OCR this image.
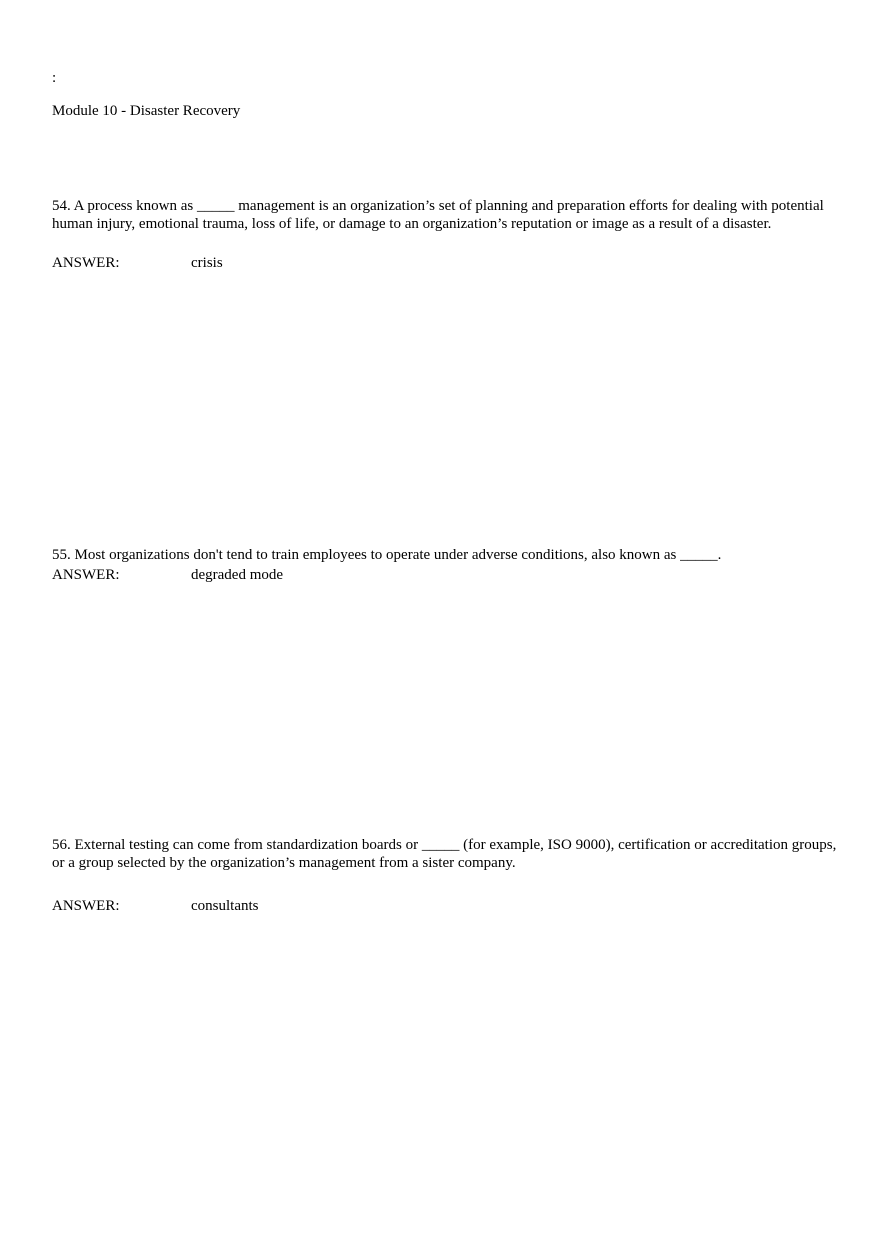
:
Module 10 - Disaster Recovery

54. A process known as _____ management is an organization’s set of planning and preparation efforts for dealing with potential human injury, emotional trauma, loss of life, or damage to an organization’s reputation or image as a result of a disaster.

ANSWER:	crisis

55. Most organizations don't tend to train employees to operate under adverse conditions, also known as _____.

ANSWER:	degraded mode

56. External testing can come from standardization boards or _____ (for example, ISO 9000), certification or accreditation groups, or a group selected by the organization’s management from a sister company.

ANSWER:	consultants
